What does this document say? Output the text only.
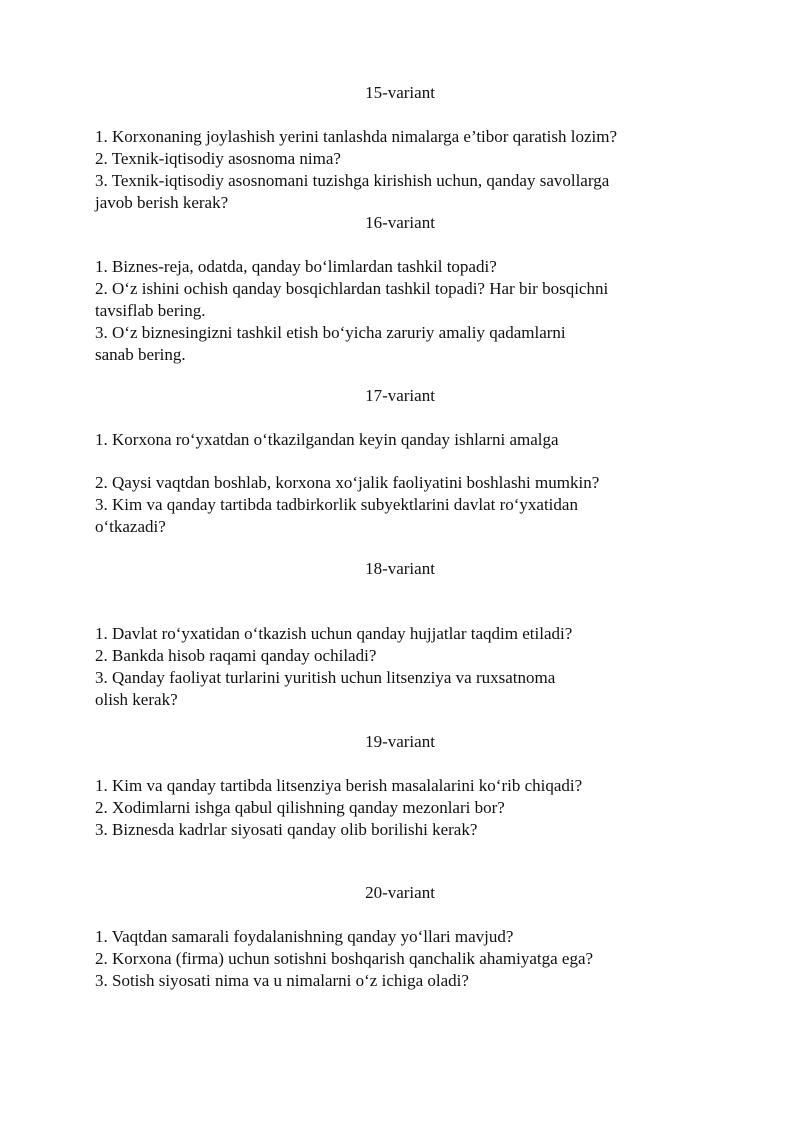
15-variant
1. Korxonaning joylashish yerini tanlashda nimalarga e’tibor qaratish lozim?
2. Texnik-iqtisodiy asosnoma nima?
3. Texnik-iqtisodiy asosnomani tuzishga kirishish uchun, qanday savollarga
javob berish kerak?
16-variant
1. Biznes-reja, odatda, qanday bo‘limlardan tashkil topadi?
2. O‘z ishini ochish qanday bosqichlardan tashkil topadi? Har bir bosqichni
tavsiflab bering.
3. O‘z biznesingizni tashkil etish bo‘yicha zaruriy amaliy qadamlarni
sanab bering.
17-variant
1. Korxona ro‘yxatdan o‘tkazilgandan keyin qanday ishlarni amalga
2. Qaysi vaqtdan boshlab, korxona xo‘jalik faoliyatini boshlashi mumkin?
3. Kim va qanday tartibda tadbirkorlik subyektlarini davlat ro‘yxatidan
o‘tkazadi?
18-variant
1. Davlat ro‘yxatidan o‘tkazish uchun qanday hujjatlar taqdim etiladi?
2. Bankda hisob raqami qanday ochiladi?
3. Qanday faoliyat turlarini yuritish uchun litsenziya va ruxsatnoma
olish kerak?
19-variant
1. Kim va qanday tartibda litsenziya berish masalalarini ko‘rib chiqadi?
2. Xodimlarni ishga qabul qilishning qanday mezonlari bor?
3. Biznesda kadrlar siyosati qanday olib borilishi kerak?
20-variant
1. Vaqtdan samarali foydalanishning qanday yo‘llari mavjud?
2. Korxona (firma) uchun sotishni boshqarish qanchalik ahamiyatga ega?
3. Sotish siyosati nima va u nimalarni o‘z ichiga oladi?
